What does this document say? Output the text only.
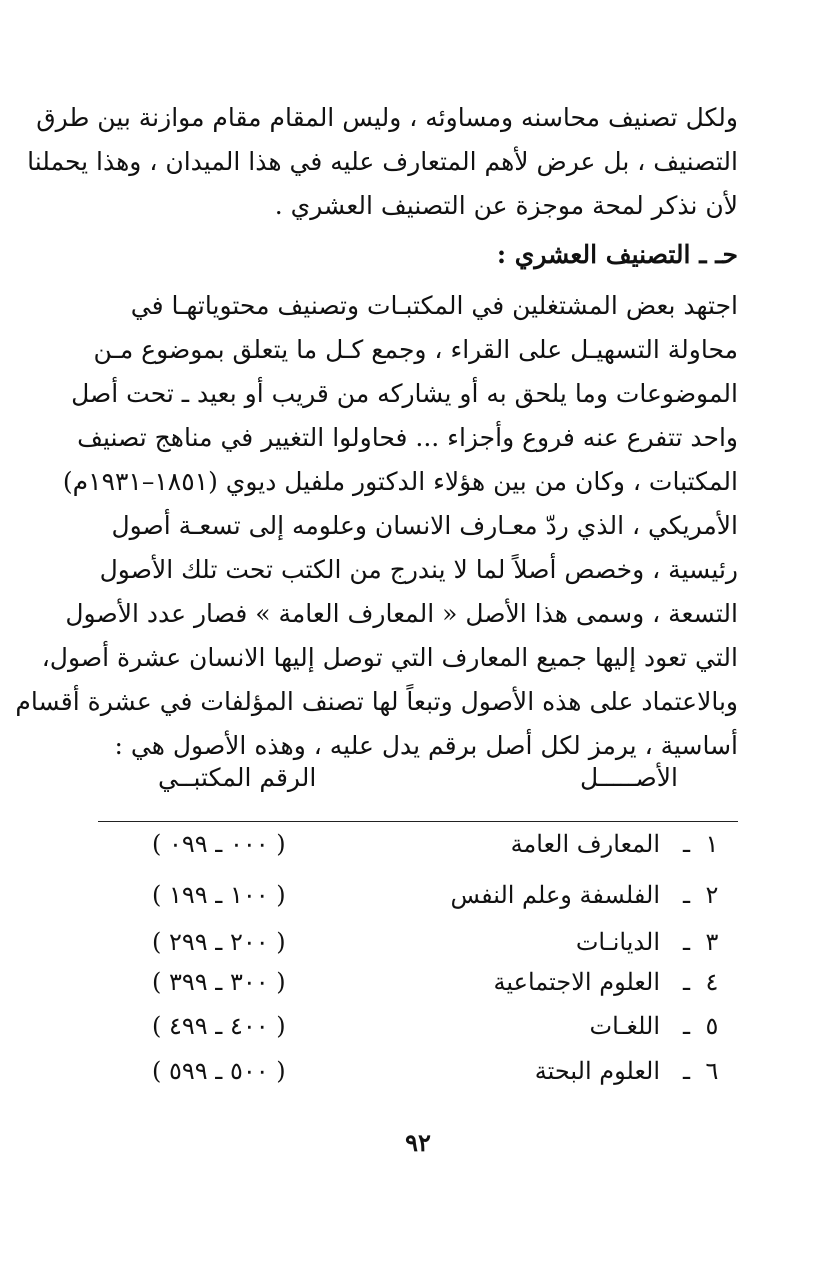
ولكل تصنيف محاسنه ومساوئه ، وليس المقام مقام موازنة بين طرق
التصنيف ، بل عرض لأهم المتعارف عليه في هذا الميدان ، وهذا يحملنا
لأن نذكر لمحة موجزة عن التصنيف العشري .
حـ ـ التصنيف العشري :
اجتهد بعض المشتغلين في المكتبـات وتصنيف محتوياتهـا في
محاولة التسهيـل على القراء ، وجمع كـل ما يتعلق بموضوع مـن
الموضوعات وما يلحق به أو يشاركه من قريب أو بعيد ـ تحت أصل
واحد تتفرع عنه فروع وأجزاء ... فحاولوا التغيير في مناهج تصنيف
المكتبات ، وكان من بين هؤلاء الدكتور ملفيل ديوي (١٨٥١–١٩٣١م)
الأمريكي ، الذي ردّ معـارف الانسان وعلومه إلى تسعـة أصول
رئيسية ، وخصص أصلاً لما لا يندرج من الكتب تحت تلك الأصول
التسعة ، وسمى هذا الأصل « المعارف العامة » فصار عدد الأصول
التي تعود إليها جميع المعارف التي توصل إليها الانسان عشرة أصول،
وبالاعتماد على هذه الأصول وتبعاً لها تصنف المؤلفات في عشرة أقسام
أساسية ، يرمز لكل أصل برقم يدل عليه ، وهذه الأصول هي :
الأصـــــل
الرقم المكتبــي
١
ـ
المعارف العامة
( ٠٠٠ ـ ٠٩٩ )
٢
ـ
الفلسفة وعلم النفس
( ١٠٠ ـ ١٩٩ )
٣
ـ
الديانـات
( ٢٠٠ ـ ٢٩٩ )
٤
ـ
العلوم الاجتماعية
( ٣٠٠ ـ ٣٩٩ )
٥
ـ
اللغـات
( ٤٠٠ ـ ٤٩٩ )
٦
ـ
العلوم البحتة
( ٥٠٠ ـ ٥٩٩ )
٩٢
